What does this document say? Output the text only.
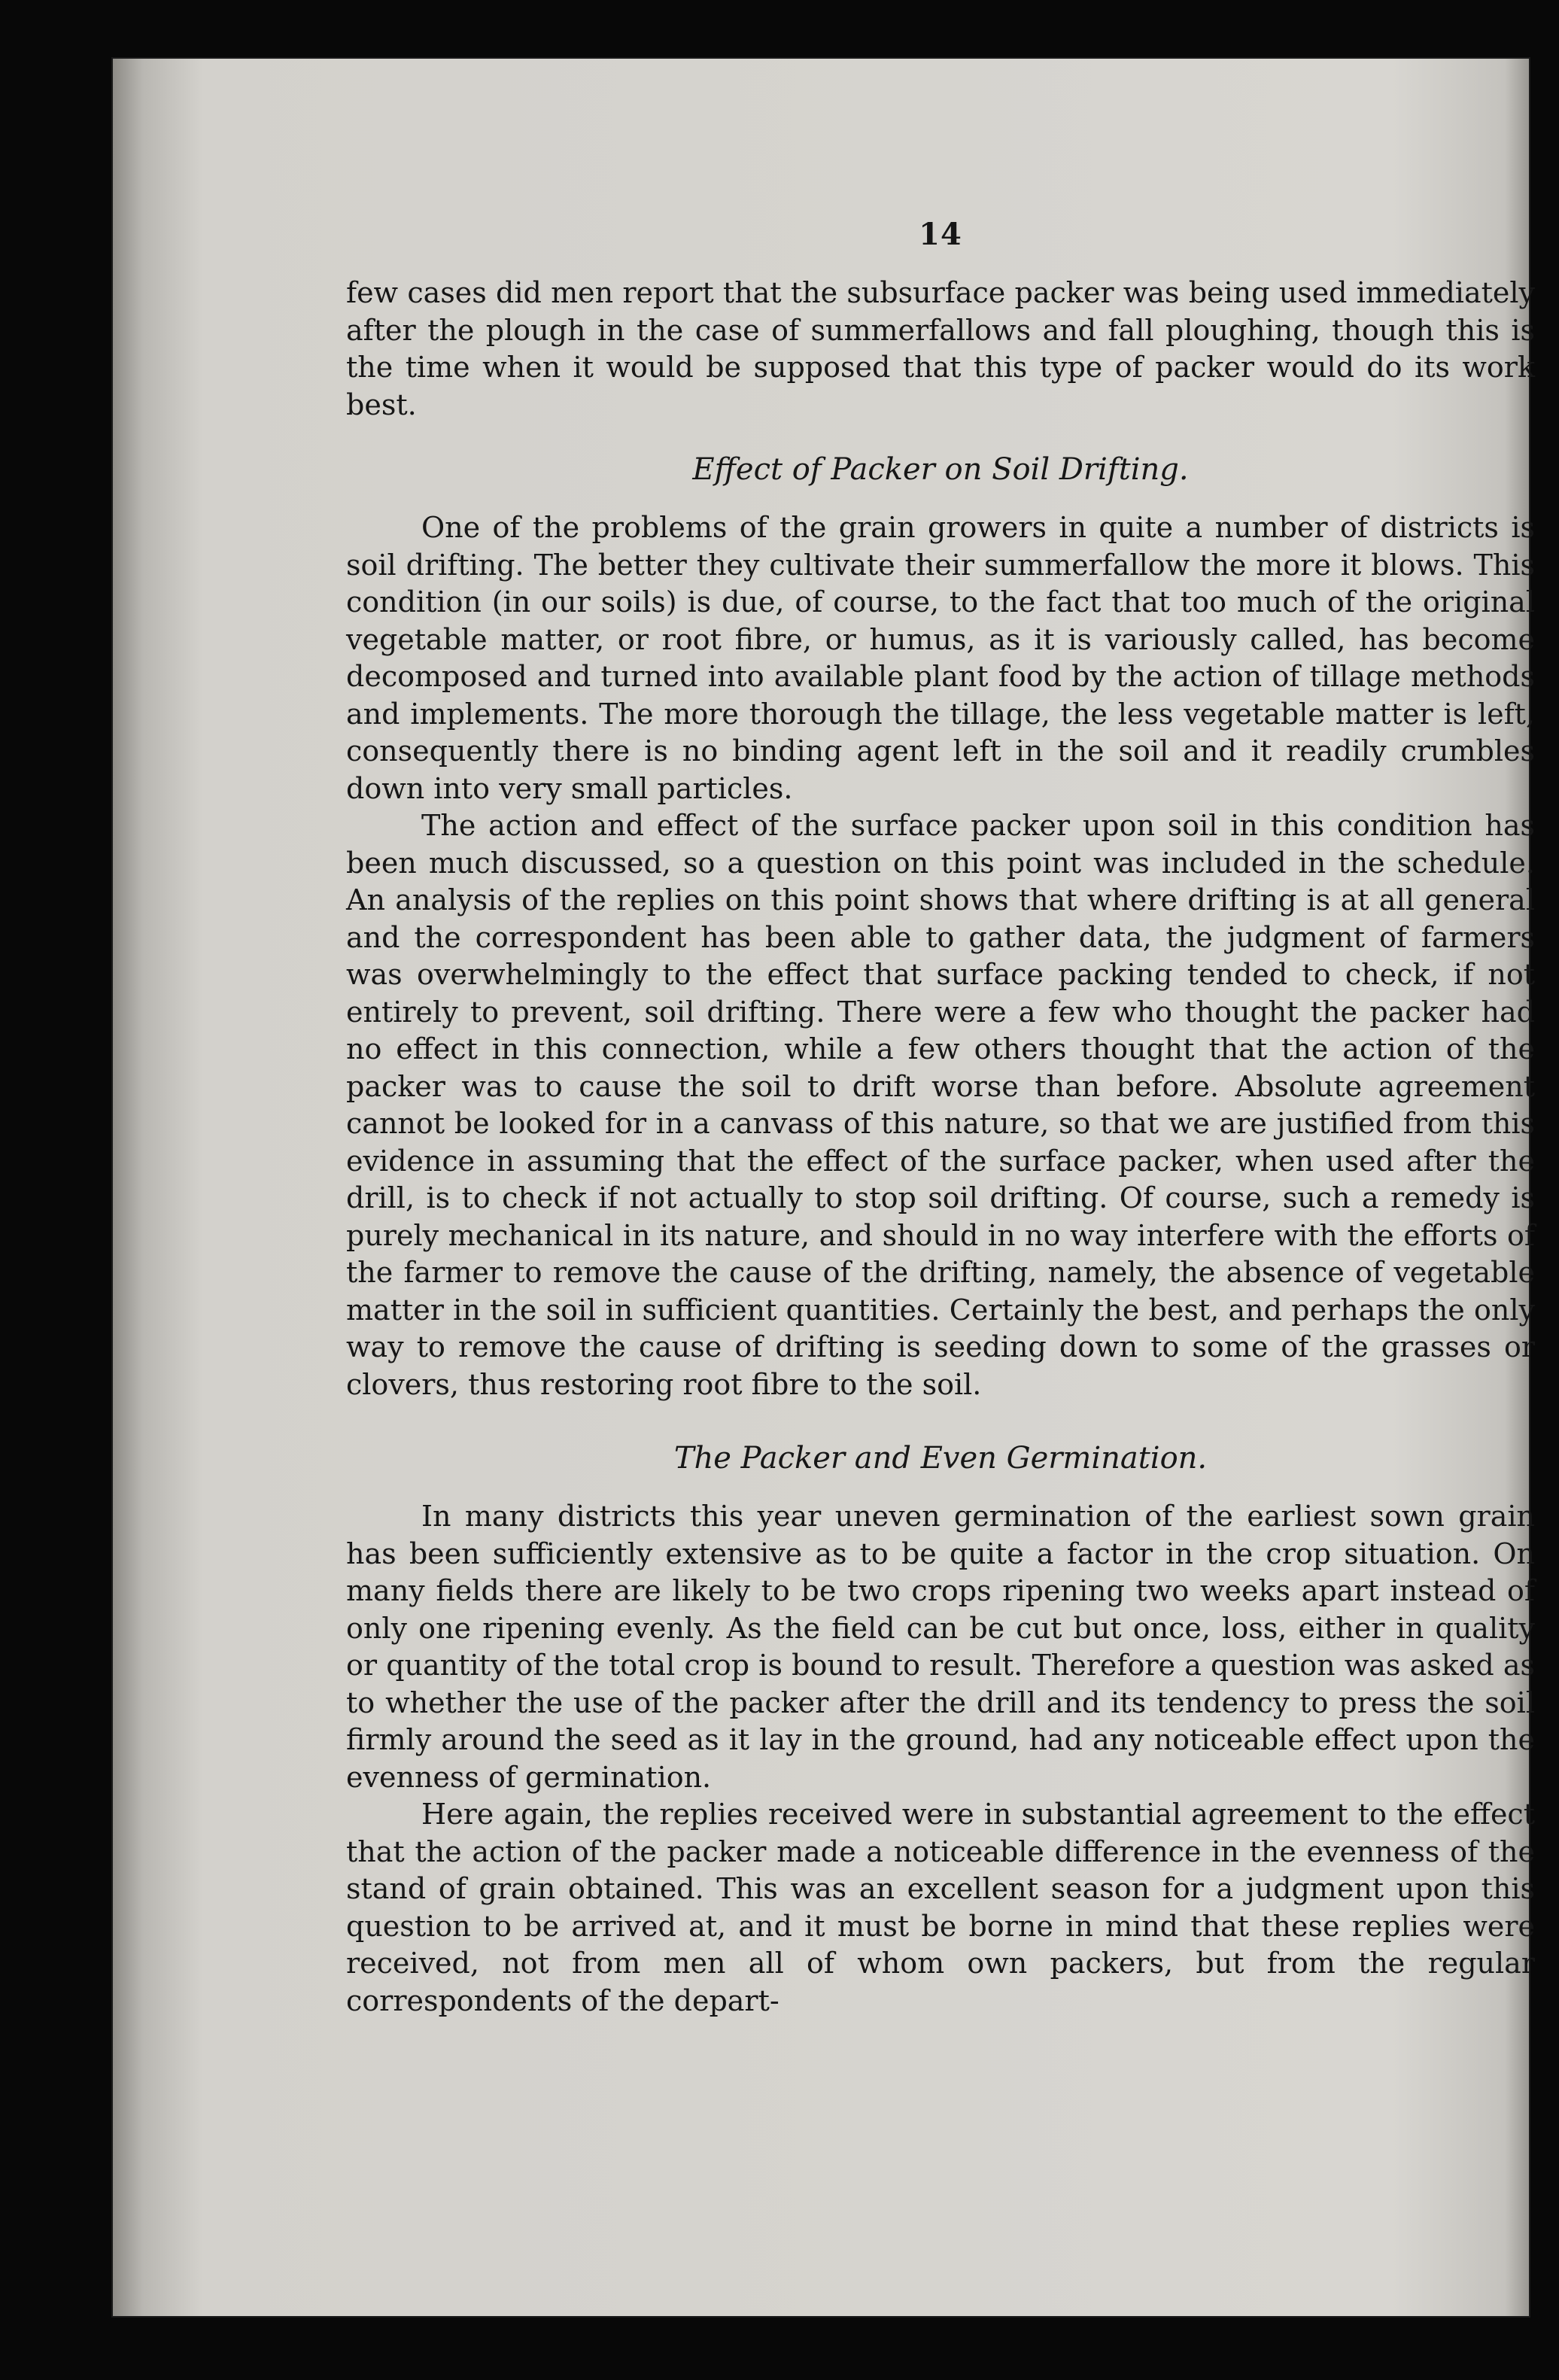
14

few cases did men report that the subsurface packer was being used immediately after the plough in the case of summerfallows and fall ploughing, though this is the time when it would be supposed that this type of packer would do its work best.

Effect of Packer on Soil Drifting.

One of the problems of the grain growers in quite a number of districts is soil drifting. The better they cultivate their summerfallow the more it blows. This condition (in our soils) is due, of course, to the fact that too much of the original vegetable matter, or root fibre, or humus, as it is variously called, has become decomposed and turned into available plant food by the action of tillage methods and implements. The more thorough the tillage, the less vegetable matter is left, consequently there is no binding agent left in the soil and it readily crumbles down into very small particles.

The action and effect of the surface packer upon soil in this condition has been much discussed, so a question on this point was included in the schedule. An analysis of the replies on this point shows that where drifting is at all general and the correspondent has been able to gather data, the judgment of farmers was overwhelmingly to the effect that surface packing tended to check, if not entirely to prevent, soil drifting. There were a few who thought the packer had no effect in this connection, while a few others thought that the action of the packer was to cause the soil to drift worse than before. Absolute agreement cannot be looked for in a canvass of this nature, so that we are justified from this evidence in assuming that the effect of the surface packer, when used after the drill, is to check if not actually to stop soil drifting. Of course, such a remedy is purely mechanical in its nature, and should in no way interfere with the efforts of the farmer to remove the cause of the drifting, namely, the absence of vegetable matter in the soil in sufficient quantities. Certainly the best, and perhaps the only way to remove the cause of drifting is seeding down to some of the grasses or clovers, thus restoring root fibre to the soil.

The Packer and Even Germination.

In many districts this year uneven germination of the earliest sown grain has been sufficiently extensive as to be quite a factor in the crop situation. On many fields there are likely to be two crops ripening two weeks apart instead of only one ripening evenly. As the field can be cut but once, loss, either in quality or quantity of the total crop is bound to result. Therefore a question was asked as to whether the use of the packer after the drill and its tendency to press the soil firmly around the seed as it lay in the ground, had any noticeable effect upon the evenness of germination.

Here again, the replies received were in substantial agreement to the effect that the action of the packer made a noticeable difference in the evenness of the stand of grain obtained. This was an excellent season for a judgment upon this question to be arrived at, and it must be borne in mind that these replies were received, not from men all of whom own packers, but from the regular correspondents of the depart-
